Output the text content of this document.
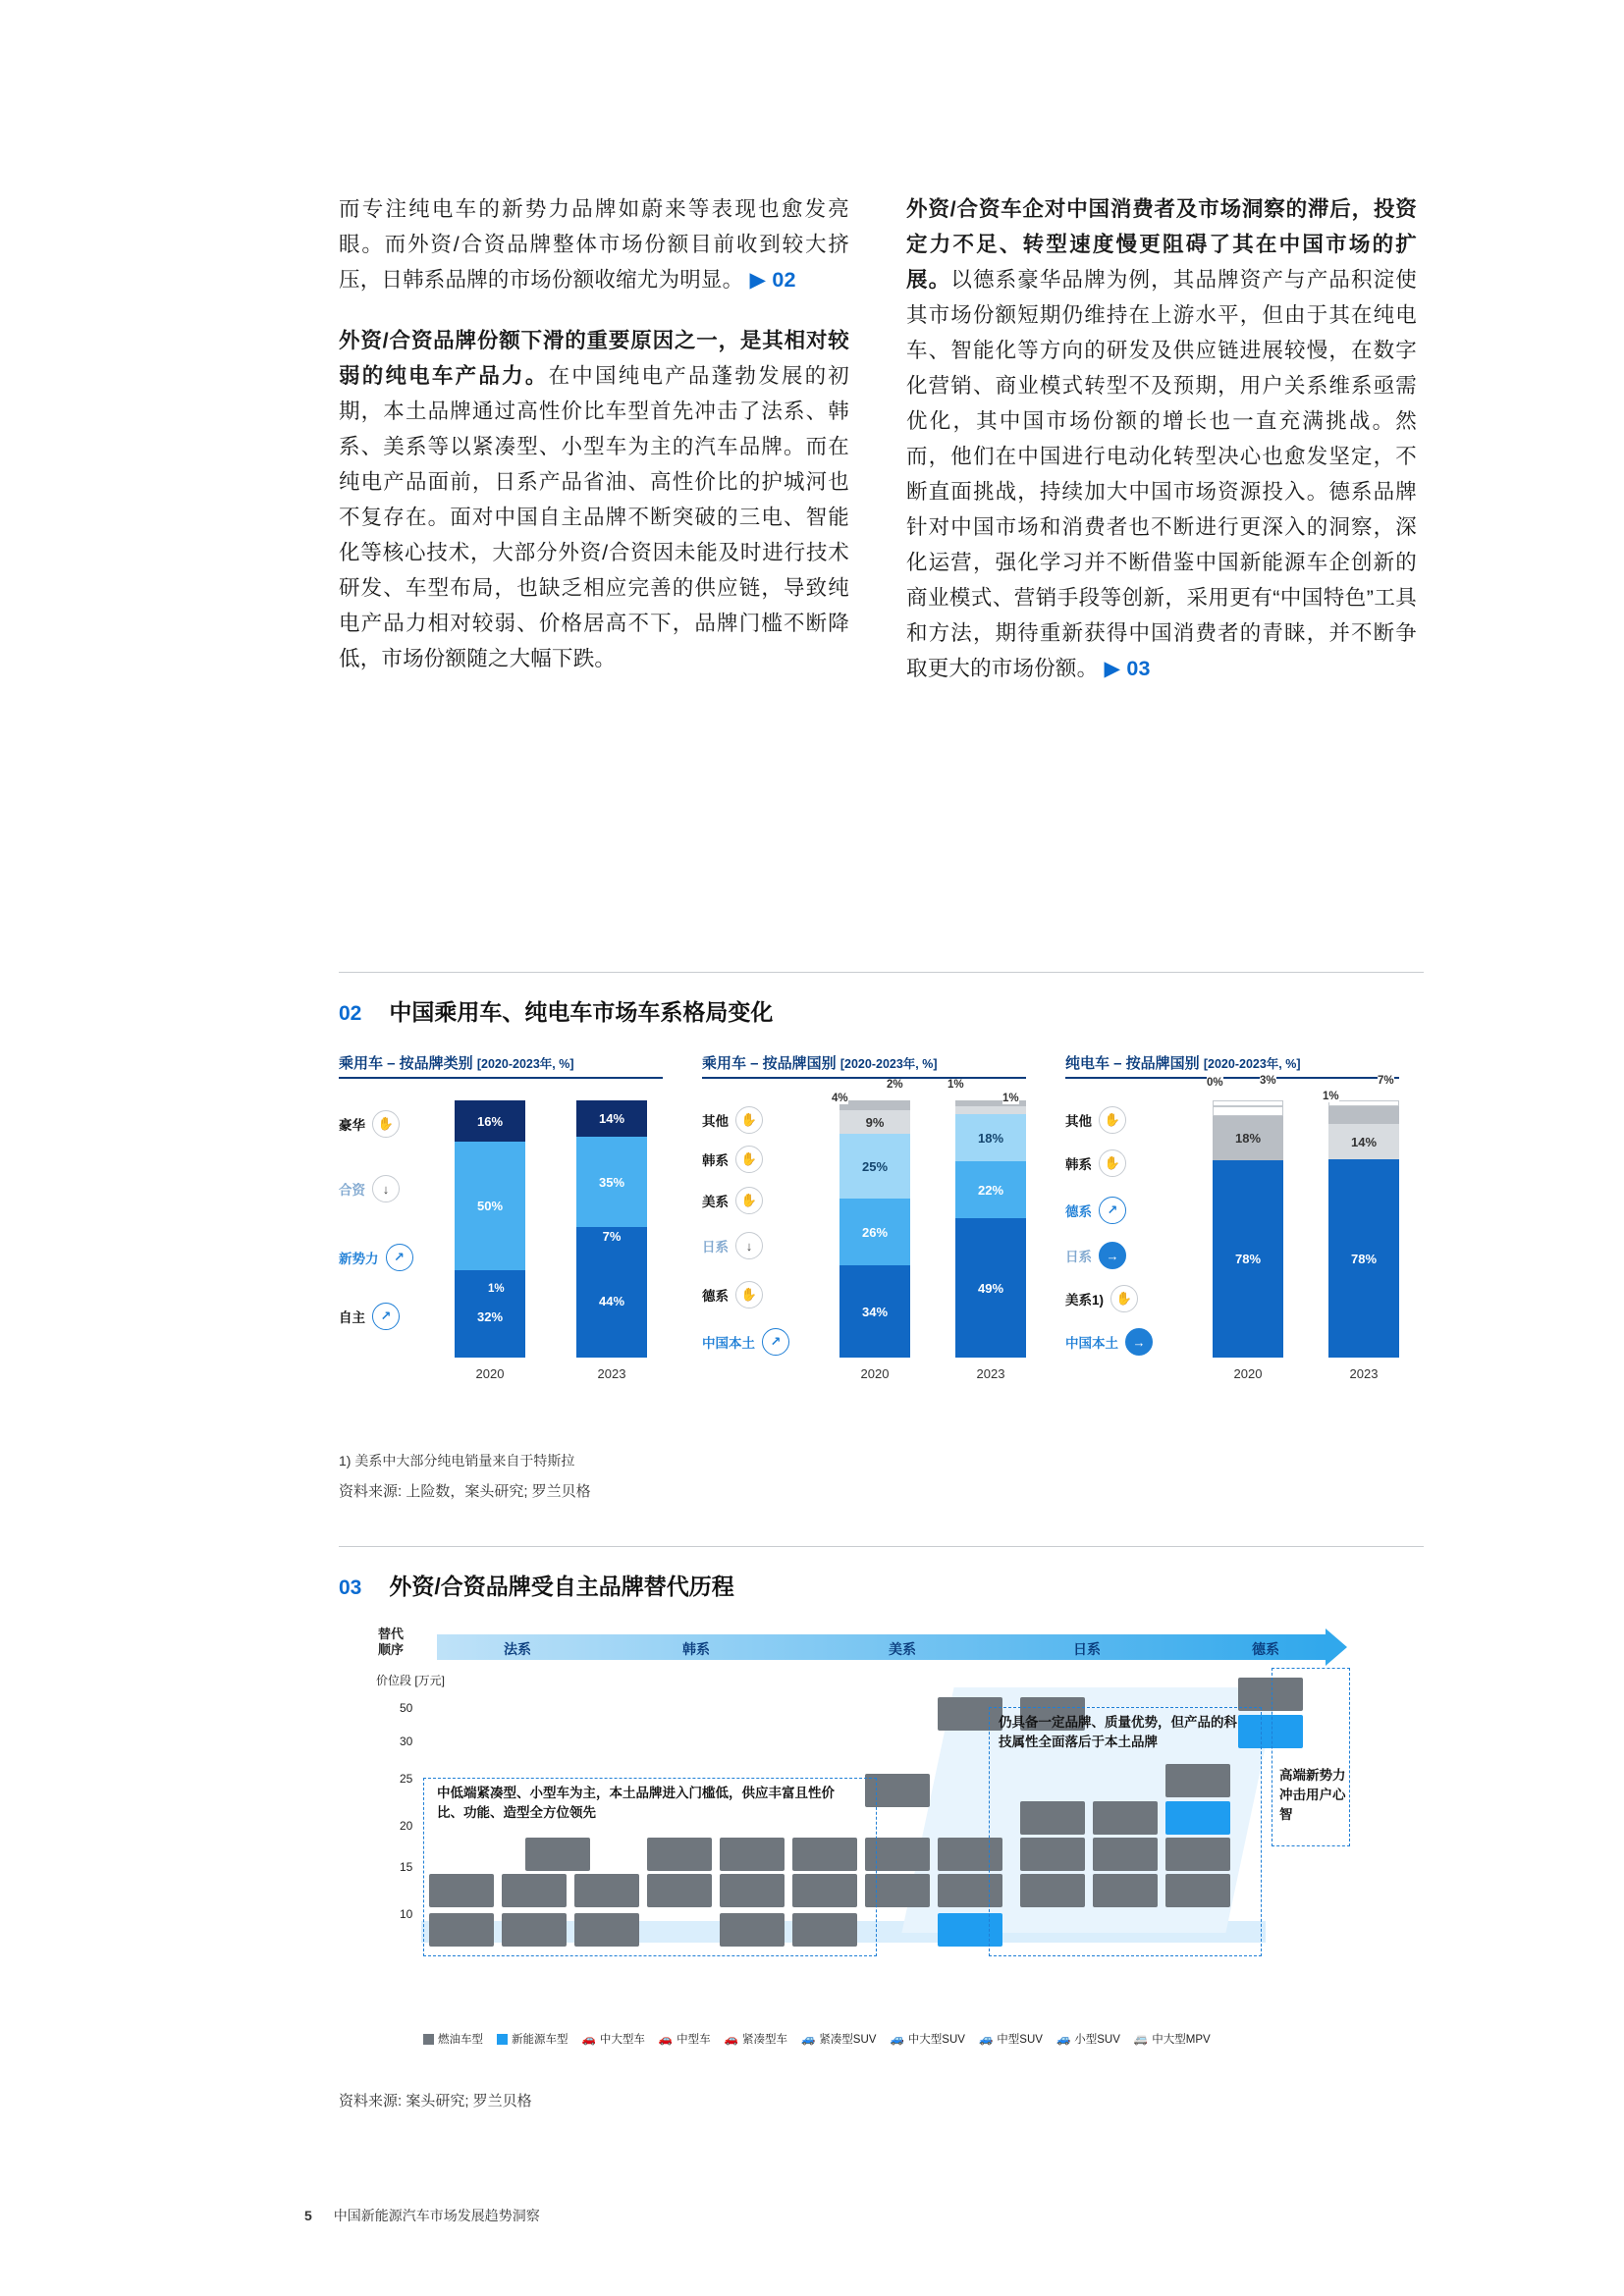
而专注纯电车的新势力品牌如蔚来等表现也愈发亮眼。而外资/合资品牌整体市场份额目前收到较大挤压，日韩系品牌的市场份额收缩尤为明显。 ▶ 02

外资/合资品牌份额下滑的重要原因之一，是其相对较弱的纯电车产品力。在中国纯电产品蓬勃发展的初期，本土品牌通过高性价比车型首先冲击了法系、韩系、美系等以紧凑型、小型车为主的汽车品牌。而在纯电产品面前，日系产品省油、高性价比的护城河也不复存在。面对中国自主品牌不断突破的三电、智能化等核心技术，大部分外资/合资因未能及时进行技术研发、车型布局，也缺乏相应完善的供应链，导致纯电产品力相对较弱、价格居高不下，品牌门槛不断降低，市场份额随之大幅下跌。

外资/合资车企对中国消费者及市场洞察的滞后，投资定力不足、转型速度慢更阻碍了其在中国市场的扩展。以德系豪华品牌为例，其品牌资产与产品积淀使其市场份额短期仍维持在上游水平，但由于其在纯电车、智能化等方向的研发及供应链进展较慢，在数字化营销、商业模式转型不及预期，用户关系维系亟需优化，其中国市场份额的增长也一直充满挑战。然而，他们在中国进行电动化转型决心也愈发坚定，不断直面挑战，持续加大中国市场资源投入。德系品牌针对中国市场和消费者也不断进行更深入的洞察，深化运营，强化学习并不断借鉴中国新能源车企创新的商业模式、营销手段等创新，采用更有“中国特色”工具和方法，期待重新获得中国消费者的青睐，并不断争取更大的市场份额。 ▶ 03

02 中国乘用车、纯电车市场车系格局变化
乘用车 – 按品牌类别 [2020-2023年, %]
豪华 ✋
合资	↓
新势力	↗
自主	↗
16%
50%
32%
1%
14%
35%
7%
44%
2020	2023
乘用车 – 按品牌国别 [2020-2023年, %]
其他 ✋
韩系 ✋
美系 ✋
日系	↓
德系 ✋
中国本土	↗
9%
25%
26%
34%
4%
2%
18%
22%
49%
1%
1%
2020	2023
纯电车 – 按品牌国别 [2020-2023年, %]
其他 ✋
韩系 ✋
德系	↗
日系	→
美系1) ✋
中国本土	→
18%
78%
0%	3%
14%
78%
1%
7%
2020	2023
1) 美系中大部分纯电销量来自于特斯拉
资料来源: 上险数，案头研究; 罗兰贝格
03 外资/合资品牌受自主品牌替代历程
替代
顺序	法系	韩系	美系	日系	德系
价位段 [万元]
50
30
25
20
15
10
中低端紧凑型、小型车为主，本土品牌进入门槛低，供应丰富且性价比、功能、造型全方位领先
仍具备一定品牌、质量优势，但产品的科技属性全面落后于本土品牌
高端新势力冲击用户心智
燃油车型	新能源车型 🚗 中大型车 🚗 中型车 🚗 紧凑型车 🚙 紧凑型SUV 🚙 中大型SUV 🚙 中型SUV 🚙 小型SUV 🚐 中大型MPV
资料来源: 案头研究; 罗兰贝格
5 中国新能源汽车市场发展趋势洞察
